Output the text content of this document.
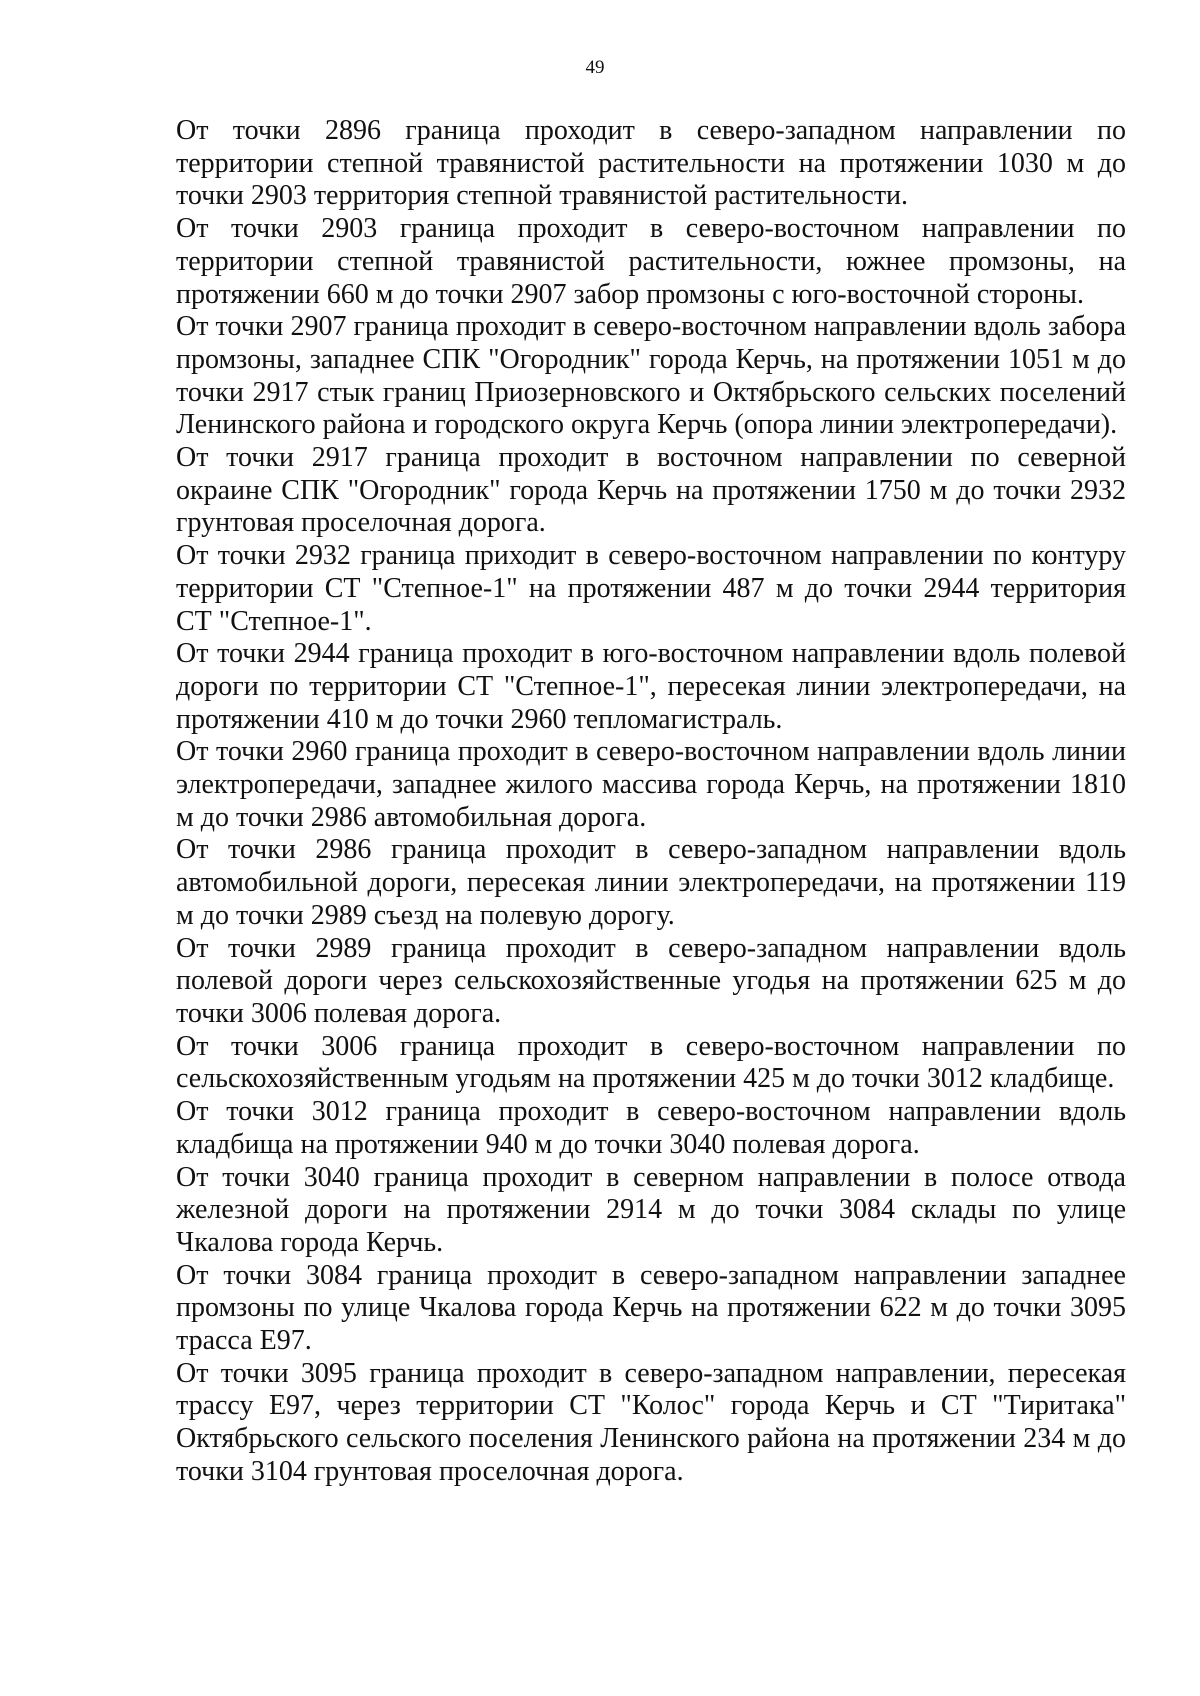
49

От точки 2896 граница проходит в северо-западном направлении по территории степной травянистой растительности на протяжении 1030 м до точки 2903 территория степной травянистой растительности.

От точки 2903 граница проходит в северо-восточном направлении по территории степной травянистой растительности, южнее промзоны, на протяжении 660 м до точки 2907 забор промзоны с юго-восточной стороны.

От точки 2907 граница проходит в северо-восточном направлении вдоль забора промзоны, западнее СПК "Огородник" города Керчь, на протяжении 1051 м до точки 2917 стык границ Приозерновского и Октябрьского сельских поселений Ленинского района и городского округа Керчь (опора линии электропередачи).

От точки 2917 граница проходит в восточном направлении по северной окраине СПК "Огородник" города Керчь на протяжении 1750 м до точки 2932 грунтовая проселочная дорога.

От точки 2932 граница приходит в северо-восточном направлении по контуру территории СТ "Степное-1" на протяжении 487 м до точки 2944 территория СТ "Степное-1".

От точки 2944 граница проходит в юго-восточном направлении вдоль полевой дороги по территории СТ "Степное-1", пересекая линии электропередачи, на протяжении 410 м до точки 2960 тепломагистраль.

От точки 2960 граница проходит в северо-восточном направлении вдоль линии электропередачи, западнее жилого массива города Керчь, на протяжении 1810 м до точки 2986 автомобильная дорога.

От точки 2986 граница проходит в северо-западном направлении вдоль автомобильной дороги, пересекая линии электропередачи, на протяжении 119 м до точки 2989 съезд на полевую дорогу.

От точки 2989 граница проходит в северо-западном направлении вдоль полевой дороги через сельскохозяйственные угодья на протяжении 625 м до точки 3006 полевая дорога.

От точки 3006 граница проходит в северо-восточном направлении по сельскохозяйственным угодьям на протяжении 425 м до точки 3012 кладбище.

От точки 3012 граница проходит в северо-восточном направлении вдоль кладбища на протяжении 940 м до точки 3040 полевая дорога.

От точки 3040 граница проходит в северном направлении в полосе отвода железной дороги на протяжении 2914 м до точки 3084 склады по улице Чкалова города Керчь.

От точки 3084 граница проходит в северо-западном направлении западнее промзоны по улице Чкалова города Керчь на протяжении 622 м до точки 3095 трасса Е97.

От точки 3095 граница проходит в северо-западном направлении, пересекая трассу Е97, через территории СТ "Колос" города Керчь и СТ "Тиритака" Октябрьского сельского поселения Ленинского района на протяжении 234 м до точки 3104 грунтовая проселочная дорога.
